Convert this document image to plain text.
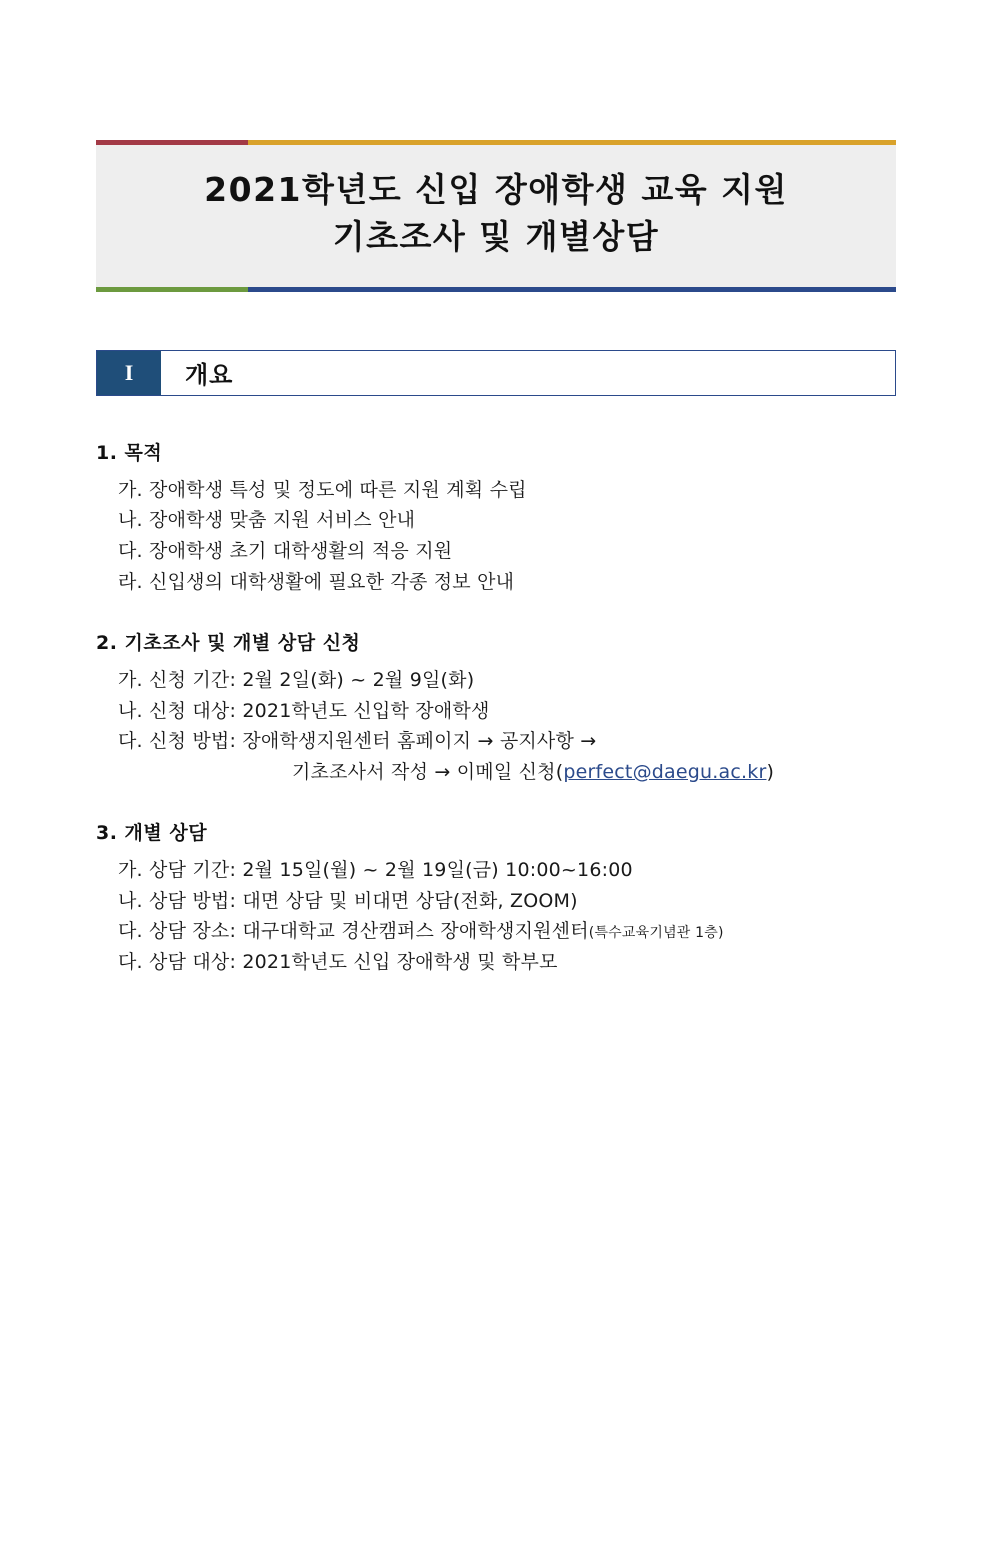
2021학년도 신입 장애학생 교육 지원
기초조사 및 개별상담
I	개요
1. 목적
가. 장애학생 특성 및 정도에 따른 지원 계획 수립
나. 장애학생 맞춤 지원 서비스 안내
다. 장애학생 초기 대학생활의 적응 지원
라. 신입생의 대학생활에 필요한 각종 정보 안내
2. 기초조사 및 개별 상담 신청
가. 신청 기간: 2월 2일(화) ~ 2월 9일(화)
나. 신청 대상: 2021학년도 신입학 장애학생
다. 신청 방법: 장애학생지원센터 홈페이지 → 공지사항 →
기초조사서 작성 → 이메일 신청(perfect@daegu.ac.kr)
3. 개별 상담
가. 상담 기간: 2월 15일(월) ~ 2월 19일(금) 10:00~16:00
나. 상담 방법: 대면 상담 및 비대면 상담(전화, ZOOM)
다. 상담 장소: 대구대학교 경산캠퍼스 장애학생지원센터(특수교육기념관 1층)
다. 상담 대상: 2021학년도 신입 장애학생 및 학부모
